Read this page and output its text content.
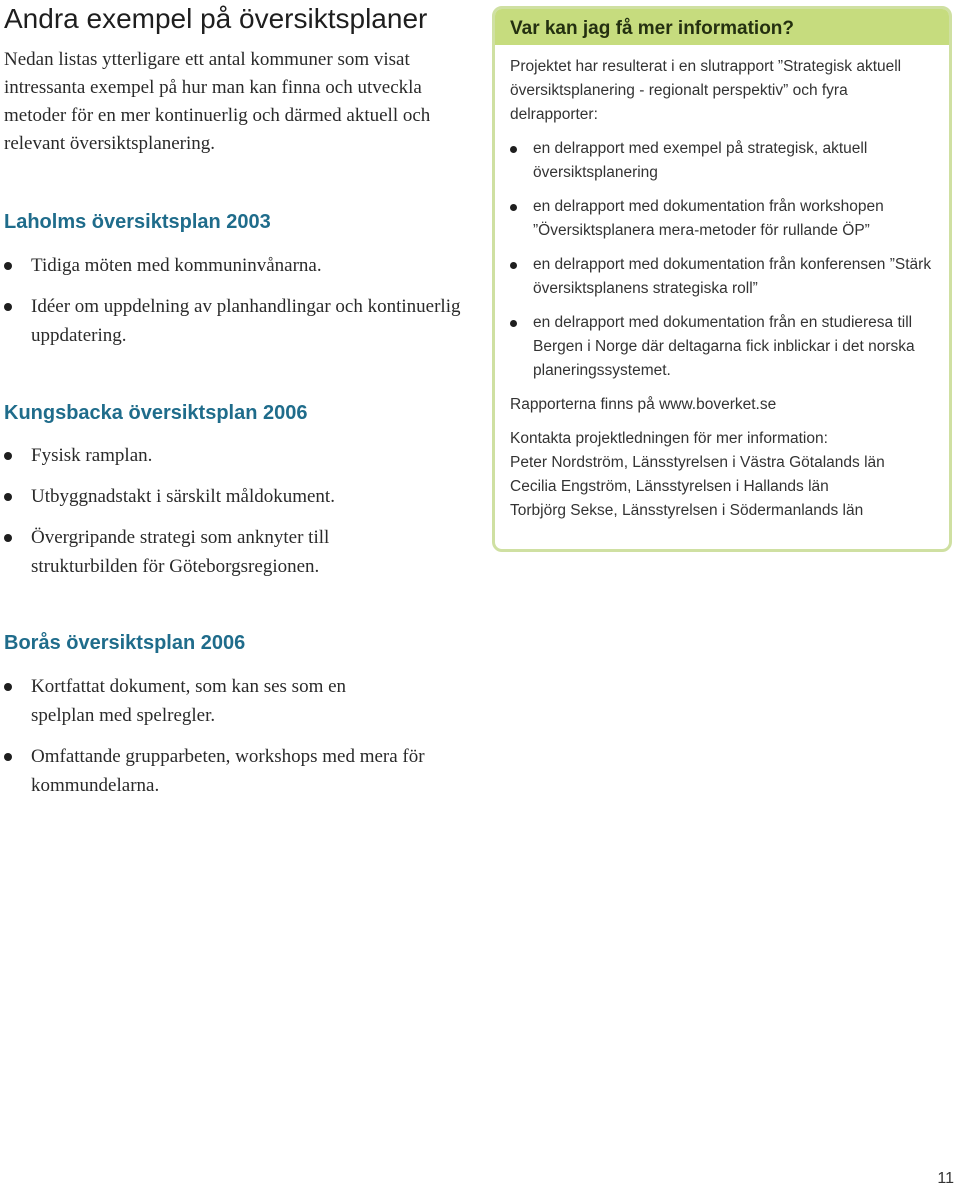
Andra exempel på översiktsplaner

Nedan listas ytterligare ett antal kommuner som visat intressanta exempel på hur man kan finna och utveckla metoder för en mer kontinuerlig och därmed aktuell och relevant översiktsplanering.

Laholms översiktsplan 2003
Tidiga möten med kommuninvånarna.
Idéer om uppdelning av planhandlingar och kontinuerlig uppdatering.
Kungsbacka översiktsplan 2006
Fysisk ramplan.
Utbyggnadstakt i särskilt måldokument.
Övergripande strategi som anknyter till strukturbilden för Göteborgsregionen.
Borås översiktsplan 2006
Kortfattat dokument, som kan ses som en spelplan med spelregler.
Omfattande grupparbeten, workshops med mera för kommundelarna.
Var kan jag få mer information?

Projektet har resulterat i en slutrapport ”Strategisk aktuell översiktsplanering - regionalt perspektiv” och fyra delrapporter:

en delrapport med exempel på strategisk, aktuell översiktsplanering
en delrapport med dokumentation från workshopen ”Översiktsplanera mera-metoder för rullande ÖP”
en delrapport med dokumentation från konferensen ”Stärk översiktsplanens strategiska roll”
en delrapport med dokumentation från en studieresa till Bergen i Norge där deltagarna fick inblickar i det norska planeringssystemet.

Rapporterna finns på www.boverket.se

Kontakta projektledningen för mer information:

Peter Nordström, Länsstyrelsen i Västra Götalands län

Cecilia Engström, Länsstyrelsen i Hallands län

Torbjörg Sekse, Länsstyrelsen i Södermanlands län

11
